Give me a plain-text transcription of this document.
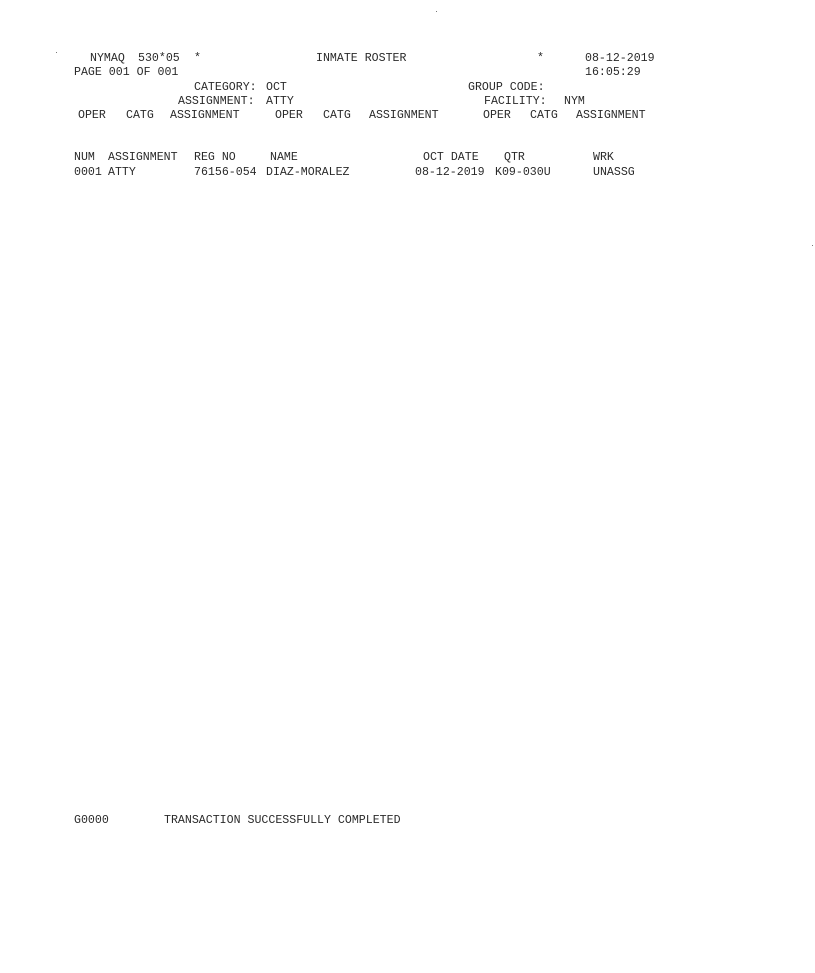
NYMAQ 530*05 *	INMATE ROSTER	*	08-12-2019
PAGE 001 OF 001	16:05:29
CATEGORY: OCT	GROUP CODE:
ASSIGNMENT: ATTY	FACILITY: NYM
OPER CATG ASSIGNMENT	OPER CATG ASSIGNMENT	OPER CATG ASSIGNMENT
NUM ASSIGNMENT REG NO	NAME	OCT DATE QTR	WRK
0001 ATTY	76156-054 DIAZ-MORALEZ	08-12-2019 K09-030U	UNASSG
G0000	TRANSACTION SUCCESSFULLY COMPLETED
